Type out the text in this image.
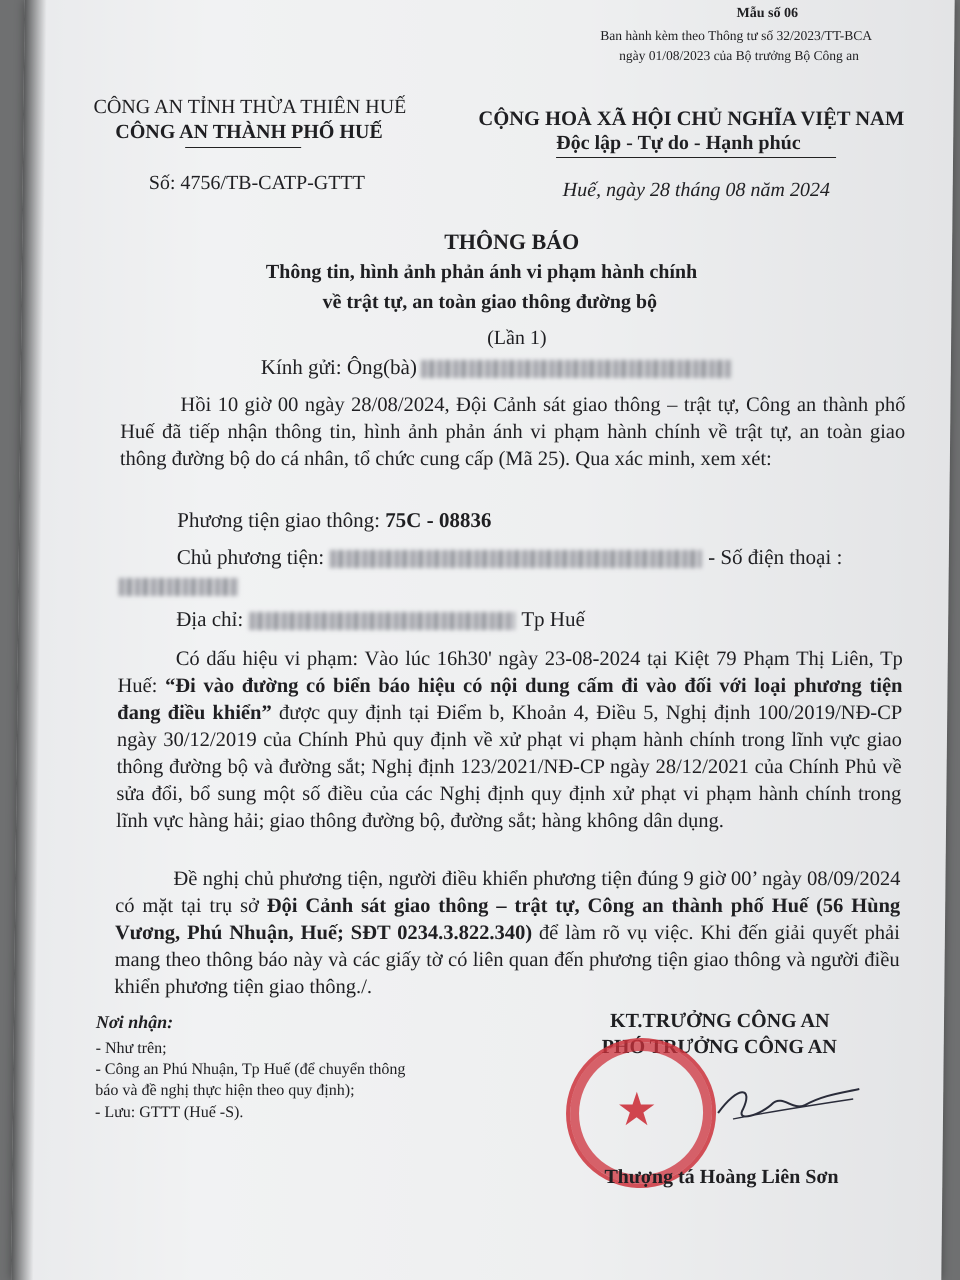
Mẫu số 06
Ban hành kèm theo Thông tư số 32/2023/TT-BCA
ngày 01/08/2023 của Bộ trưởng Bộ Công an
CÔNG AN TỈNH THỪA THIÊN HUẾ
CÔNG AN THÀNH PHỐ HUẾ
Số: 4756/TB-CATP-GTTT
CỘNG HOÀ XÃ HỘI CHỦ NGHĨA VIỆT NAM
Độc lập - Tự do - Hạnh phúc
Huế, ngày 28 tháng 08 năm 2024
THÔNG BÁO
Thông tin, hình ảnh phản ánh vi phạm hành chính
về trật tự, an toàn giao thông đường bộ
(Lần 1)
Kính gửi: Ông(bà)
Hồi 10 giờ 00 ngày 28/08/2024, Đội Cảnh sát giao thông – trật tự, Công an thành phố Huế đã tiếp nhận thông tin, hình ảnh phản ánh vi phạm hành chính về trật tự, an toàn giao thông đường bộ do cá nhân, tổ chức cung cấp (Mã 25). Qua xác minh, xem xét:
Phương tiện giao thông: 75C - 08836
Chủ phương tiện:	- Số điện thoại :
Địa chỉ:	Tp Huế
Có dấu hiệu vi phạm: Vào lúc 16h30' ngày 23-08-2024 tại Kiệt 79 Phạm Thị Liên, Tp Huế: “Đi vào đường có biển báo hiệu có nội dung cấm đi vào đối với loại phương tiện đang điều khiển” được quy định tại Điểm b, Khoản 4, Điều 5, Nghị định 100/2019/NĐ-CP ngày 30/12/2019 của Chính Phủ quy định về xử phạt vi phạm hành chính trong lĩnh vực giao thông đường bộ và đường sắt; Nghị định 123/2021/NĐ-CP ngày 28/12/2021 của Chính Phủ về sửa đổi, bổ sung một số điều của các Nghị định quy định xử phạt vi phạm hành chính trong lĩnh vực hàng hải; giao thông đường bộ, đường sắt; hàng không dân dụng.
Đề nghị chủ phương tiện, người điều khiển phương tiện đúng 9 giờ 00’ ngày 08/09/2024 có mặt tại trụ sở Đội Cảnh sát giao thông – trật tự, Công an thành phố Huế (56 Hùng Vương, Phú Nhuận, Huế; SĐT 0234.3.822.340) để làm rõ vụ việc. Khi đến giải quyết phải mang theo thông báo này và các giấy tờ có liên quan đến phương tiện giao thông và người điều khiển phương tiện giao thông./.
Nơi nhận:
- Như trên;
- Công an Phú Nhuận, Tp Huế (để chuyển thông
báo và đề nghị thực hiện theo quy định);
- Lưu: GTTT (Huế -S).
KT.TRƯỞNG CÔNG AN
PHÓ TRƯỞNG CÔNG AN
★
Thượng tá Hoàng Liên Sơn
